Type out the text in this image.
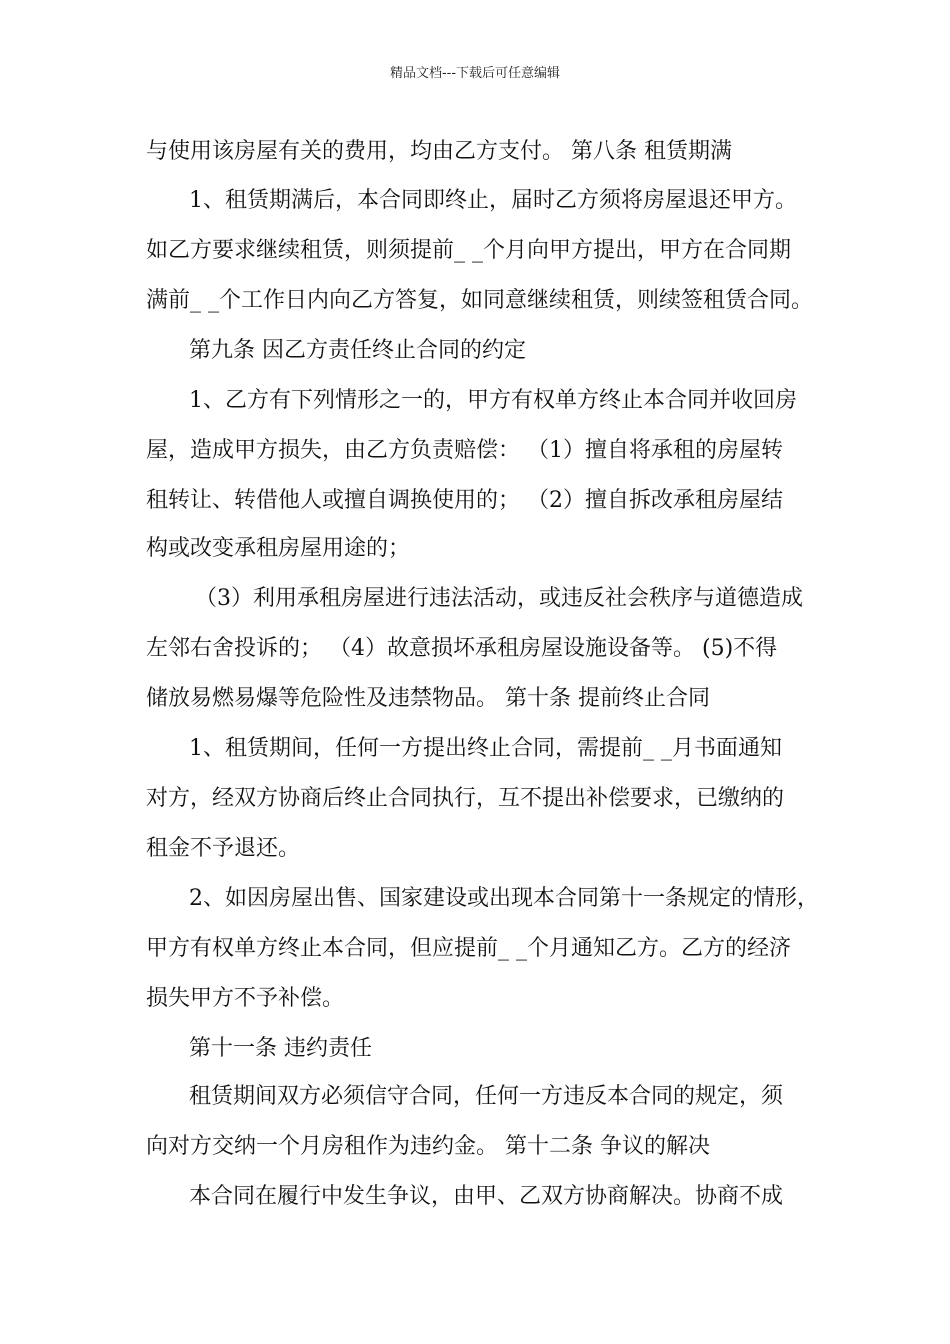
精品文档---下载后可任意编辑
与使用该房屋有关的费用，均由乙方支付。 第八条 租赁期满
1、租赁期满后，本合同即终止，届时乙方须将房屋退还甲方。
如乙方要求继续租赁，则须提前_ _个月向甲方提出，甲方在合同期
满前_ _个工作日内向乙方答复，如同意继续租赁，则续签租赁合同。
第九条 因乙方责任终止合同的约定
1、乙方有下列情形之一的，甲方有权单方终止本合同并收回房
屋，造成甲方损失，由乙方负责赔偿： （1）擅自将承租的房屋转
租转让、转借他人或擅自调换使用的； （2）擅自拆改承租房屋结
构或改变承租房屋用途的；
（3）利用承租房屋进行违法活动，或违反社会秩序与道德造成
左邻右舍投诉的； （4）故意损坏承租房屋设施设备等。 (5)不得
储放易燃易爆等危险性及违禁物品。 第十条 提前终止合同
1、租赁期间，任何一方提出终止合同，需提前_ _月书面通知
对方，经双方协商后终止合同执行，互不提出补偿要求，已缴纳的
租金不予退还。
2、如因房屋出售、国家建设或出现本合同第十一条规定的情形，
甲方有权单方终止本合同，但应提前_ _个月通知乙方。乙方的经济
损失甲方不予补偿。
第十一条 违约责任
租赁期间双方必须信守合同，任何一方违反本合同的规定，须
向对方交纳一个月房租作为违约金。 第十二条 争议的解决
本合同在履行中发生争议，由甲、乙双方协商解决。协商不成
